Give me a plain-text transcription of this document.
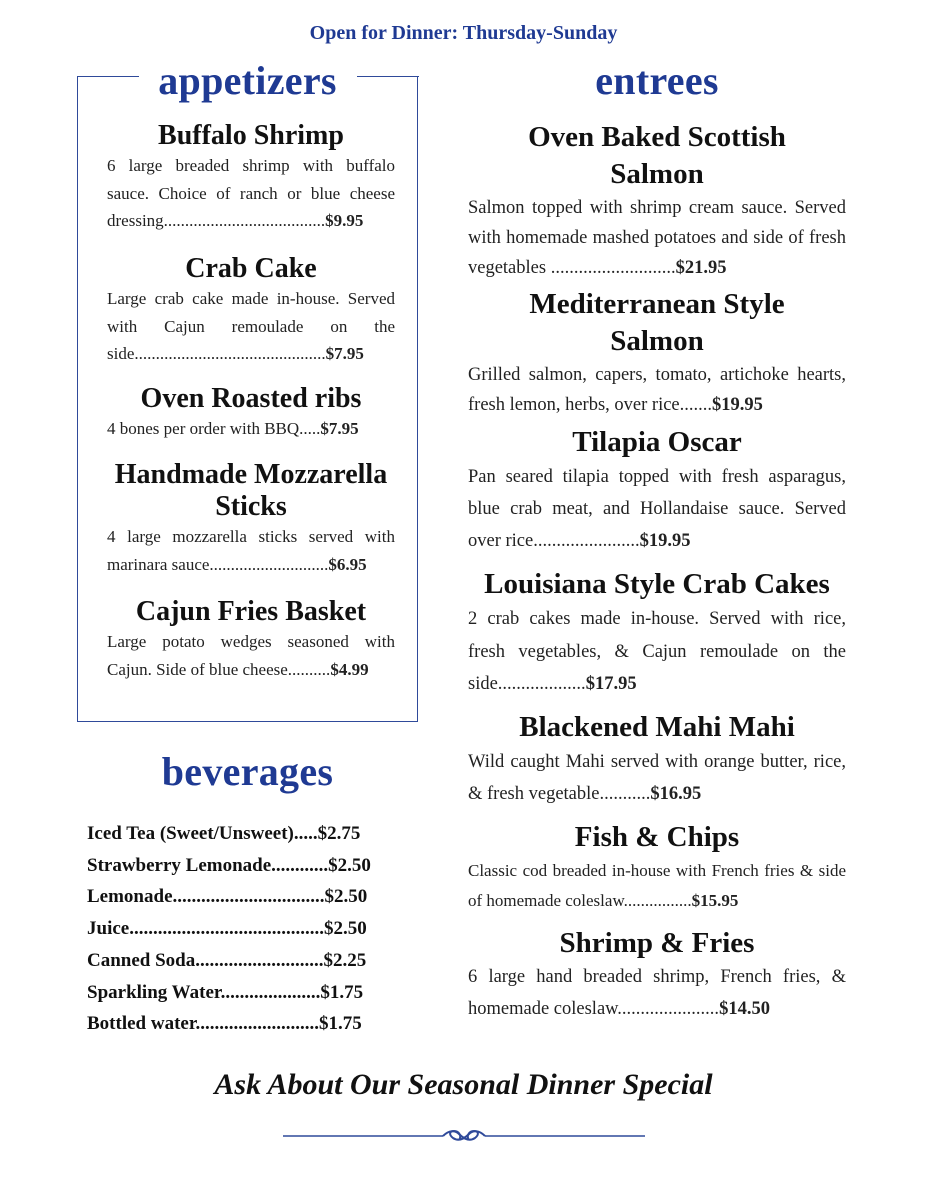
Open for Dinner: Thursday-Sunday
appetizers
Buffalo Shrimp

6 large breaded shrimp with buffalo sauce. Choice of ranch or blue cheese dressing......................................$9.95

Crab Cake

Large crab cake made in-house. Served with Cajun remoulade on the side.............................................$7.95

Oven Roasted ribs

4 bones per order with BBQ.....$7.95

Handmade Mozzarella Sticks

4 large mozzarella sticks served with marinara sauce............................$6.95

Cajun Fries Basket

Large potato wedges seasoned with Cajun. Side of blue cheese..........$4.99

beverages
Iced Tea (Sweet/Unsweet).....$2.75
Strawberry Lemonade............$2.50
Lemonade................................$2.50
Juice.........................................$2.50
Canned Soda...........................$2.25
Sparkling Water.....................$1.75
Bottled water..........................$1.75
entrees
Oven Baked Scottish Salmon

Salmon topped with shrimp cream sauce. Served with homemade mashed potatoes and side of fresh vegetables ...........................$21.95

Mediterranean Style Salmon

Grilled salmon, capers, tomato, artichoke hearts, fresh lemon, herbs, over rice.......$19.95

Tilapia Oscar

Pan seared tilapia topped with fresh asparagus, blue crab meat, and Hollandaise sauce. Served over rice.......................$19.95

Louisiana Style Crab Cakes

2 crab cakes made in-house. Served with rice, fresh vegetables, & Cajun remoulade on the side...................$17.95

Blackened Mahi Mahi

Wild caught Mahi served with orange butter, rice, & fresh vegetable...........$16.95

Fish & Chips

Classic cod breaded in-house with French fries & side of homemade coleslaw................$15.95

Shrimp & Fries

6 large hand breaded shrimp, French fries, & homemade coleslaw......................$14.50

Ask About Our Seasonal Dinner Special
